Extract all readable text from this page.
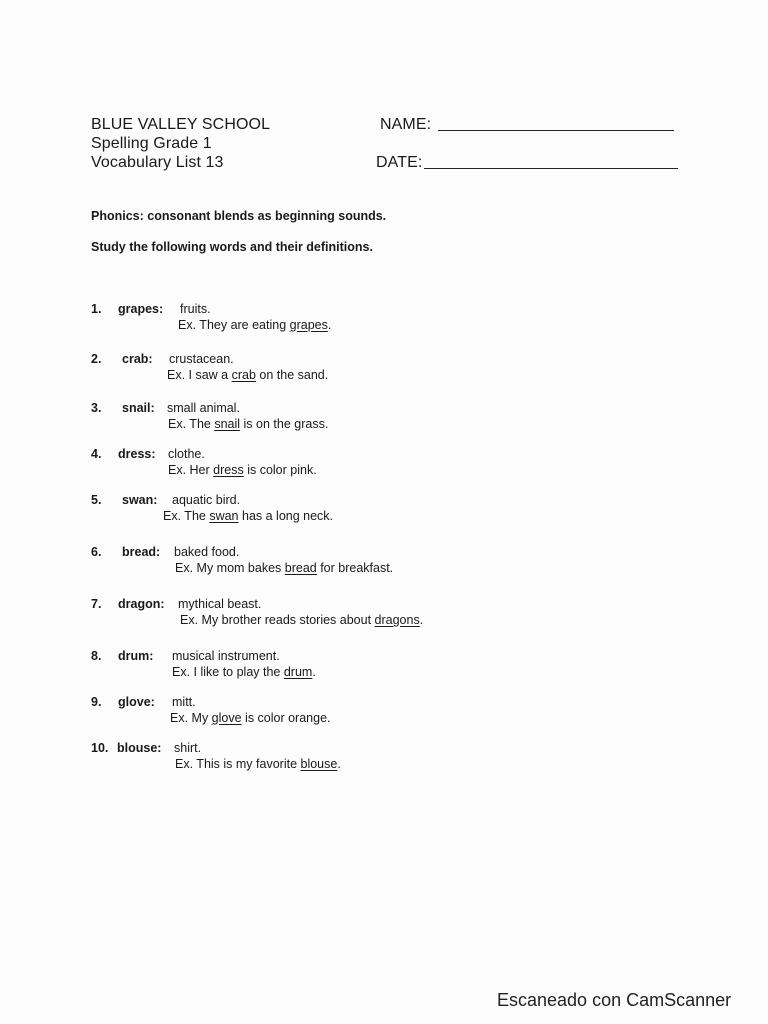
BLUE VALLEY SCHOOL
Spelling Grade 1
Vocabulary List 13
NAME:
DATE:
Phonics: consonant blends as beginning sounds.
Study the following words and their definitions.
1. grapes: fruits.
Ex. They are eating grapes.
2. crab: crustacean.
Ex. I saw a crab on the sand.
3. snail: small animal.
Ex. The snail is on the grass.
4. dress: clothe.
Ex. Her dress is color pink.
5. swan: aquatic bird.
Ex. The swan has a long neck.
6. bread: baked food.
Ex. My mom bakes bread for breakfast.
7. dragon: mythical beast.
Ex. My brother reads stories about dragons.
8. drum: musical instrument.
Ex. I like to play the drum.
9. glove: mitt.
Ex. My glove is color orange.
10. blouse: shirt.
Ex. This is my favorite blouse.
Escaneado con CamScanner
